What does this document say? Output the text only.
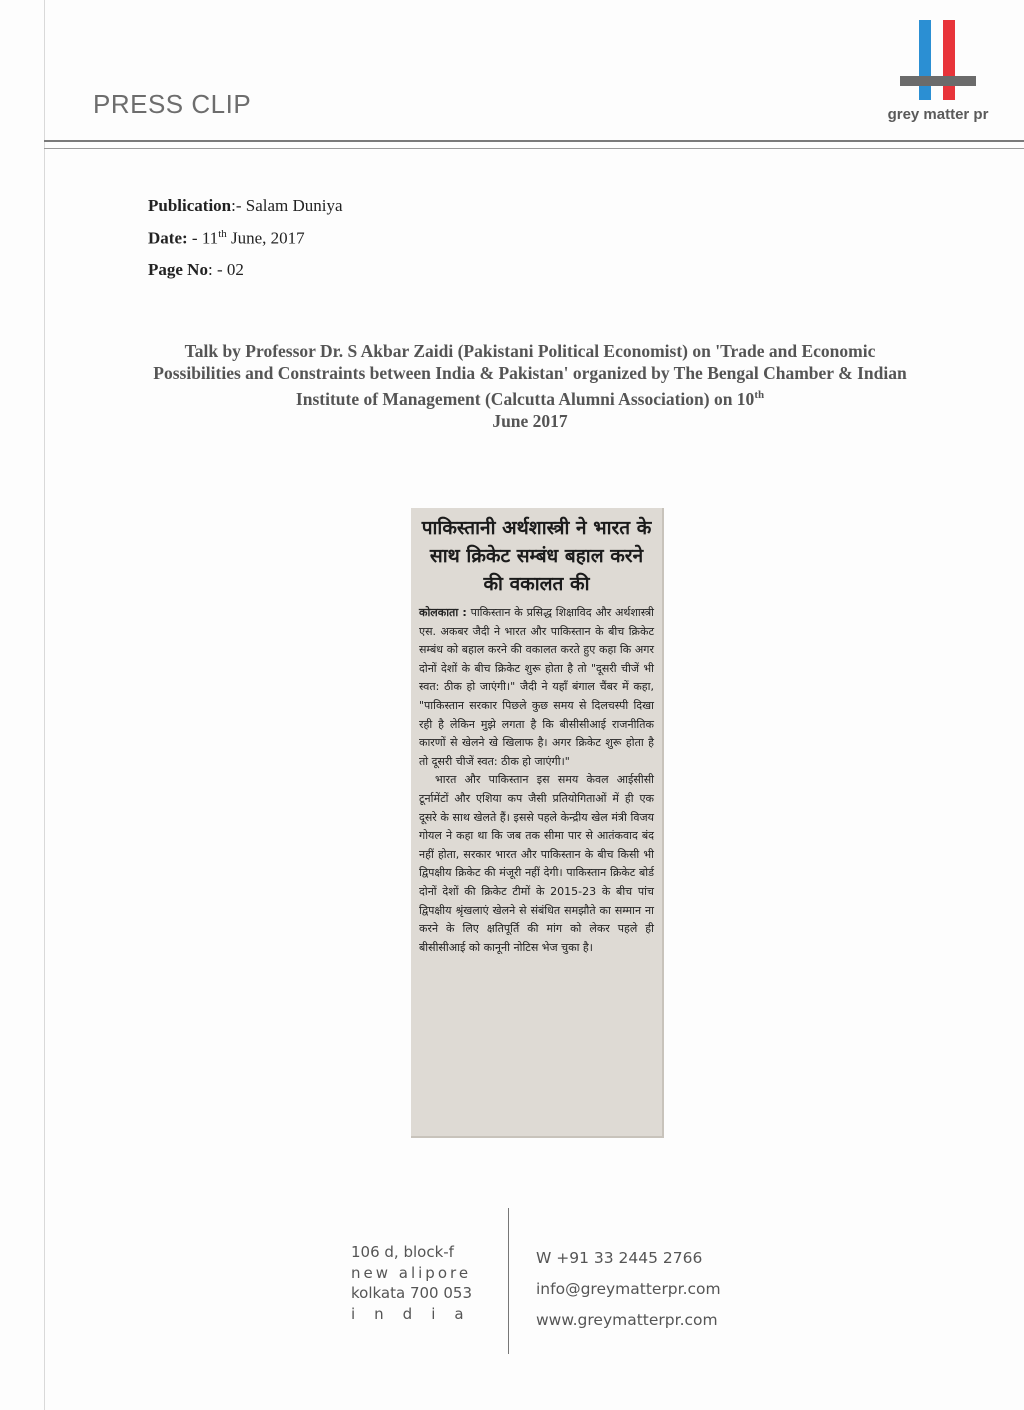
PRESS CLIP	grey matter pr
Publication:- Salam Duniya
Date: - 11th June, 2017
Page No: - 02
Talk by Professor Dr. S Akbar Zaidi (Pakistani Political Economist) on 'Trade and Economic Possibilities and Constraints between India & Pakistan' organized by The Bengal Chamber & Indian Institute of Management (Calcutta Alumni Association) on 10th
June 2017
पाकिस्तानी अर्थशास्त्री ने भारत के साथ क्रिकेट सम्बंध बहाल करने की वकालत की

कोलकाता : पाकिस्तान के प्रसिद्ध शिक्षाविद और अर्थशास्त्री एस. अकबर जैदी ने भारत और पाकिस्तान के बीच क्रिकेट सम्बंध को बहाल करने की वकालत करते हुए कहा कि अगर दोनों देशों के बीच क्रिकेट शुरू होता है तो "दूसरी चीजें भी स्वत: ठीक हो जाएंगी।" जैदी ने यहाँ बंगाल चैंबर में कहा, "पाकिस्तान सरकार पिछले कुछ समय से दिलचस्पी दिखा रही है लेकिन मुझे लगता है कि बीसीसीआई राजनीतिक कारणों से खेलने खे खिलाफ है। अगर क्रिकेट शुरू होता है तो दूसरी चीजें स्वत: ठीक हो जाएंगी।"

भारत और पाकिस्तान इस समय केवल आईसीसी टूर्नामेंटों और एशिया कप जैसी प्रतियोगिताओं में ही एक दूसरे के साथ खेलते हैं। इससे पहले केन्द्रीय खेल मंत्री विजय गोयल ने कहा था कि जब तक सीमा पार से आतंकवाद बंद नहीं होता, सरकार भारत और पाकिस्तान के बीच किसी भी द्विपक्षीय क्रिकेट की मंजूरी नहीं देगी। पाकिस्तान क्रिकेट बोर्ड दोनों देशों की क्रिकेट टीमों के 2015-23 के बीच पांच द्विपक्षीय श्रृंखलाएं खेलने से संबंधित समझौते का सम्मान ना करने के लिए क्षतिपूर्ति की मांग को लेकर पहले ही बीसीसीआई को कानूनी नोटिस भेज चुका है।

106 d, block-f
new alipore
kolkata 700 053
india
W +91 33 2445 2766
info@greymatterpr.com
www.greymatterpr.com
